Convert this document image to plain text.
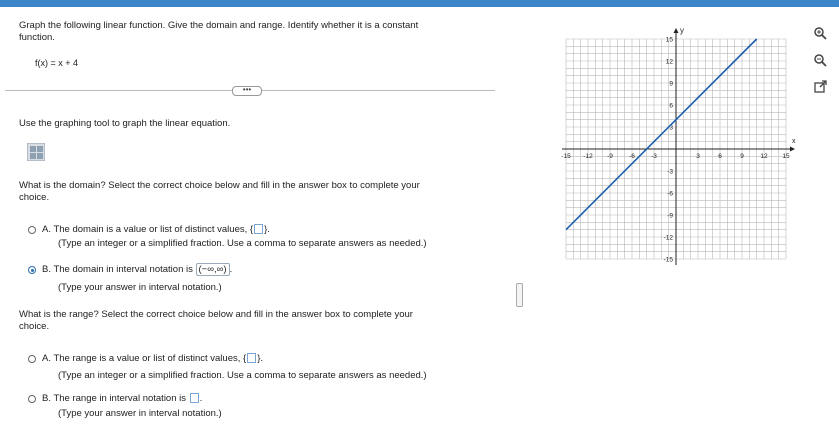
Graph the following linear function. Give the domain and range. Identify whether it is a constant
function.
f(x) = x + 4
•••
Use the graphing tool to graph the linear equation.
What is the domain? Select the correct choice below and fill in the answer box to complete your
choice.
A. The domain is a value or list of distinct values, { }.
(Type an integer or a simplified fraction. Use a comma to separate answers as needed.)
B. The domain in interval notation is (−∞,∞) .
(Type your answer in interval notation.)
What is the range? Select the correct choice below and fill in the answer box to complete your
choice.
A. The range is a value or list of distinct values, { }.
(Type an integer or a simplified fraction. Use a comma to separate answers as needed.)
B. The range in interval notation is .
(Type your answer in interval notation.)
x
y
-15 -12 -9 -6 -3	3	6	9	12 15
15
12
9
6
3
-3
-6
-9
-12
-15
